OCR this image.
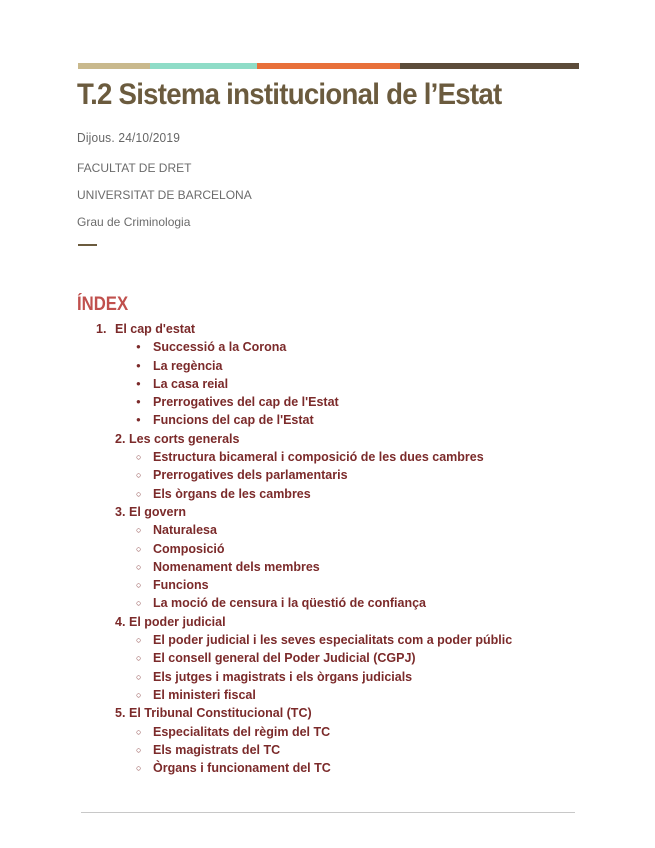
T.2 Sistema institucional de l’Estat

Dijous. 24/10/2019

FACULTAT DE DRET

UNIVERSITAT DE BARCELONA

Grau de Criminologia

ÍNDEX
1. El cap d'estat
● Successió a la Corona
● La regència
● La casa reial
● Prerrogatives del cap de l'Estat
● Funcions del cap de l'Estat
2. Les corts generals
○ Estructura bicameral i composició de les dues cambres
○ Prerrogatives dels parlamentaris
○ Els òrgans de les cambres
3. El govern
○ Naturalesa
○ Composició
○ Nomenament dels membres
○ Funcions
○ La moció de censura i la qüestió de confiança
4. El poder judicial
○ El poder judicial i les seves especialitats com a poder públic
○ El consell general del Poder Judicial (CGPJ)
○ Els jutges i magistrats i els òrgans judicials
○ El ministeri fiscal
5. El Tribunal Constitucional (TC)
○ Especialitats del règim del TC
○ Els magistrats del TC
○ Òrgans i funcionament del TC
